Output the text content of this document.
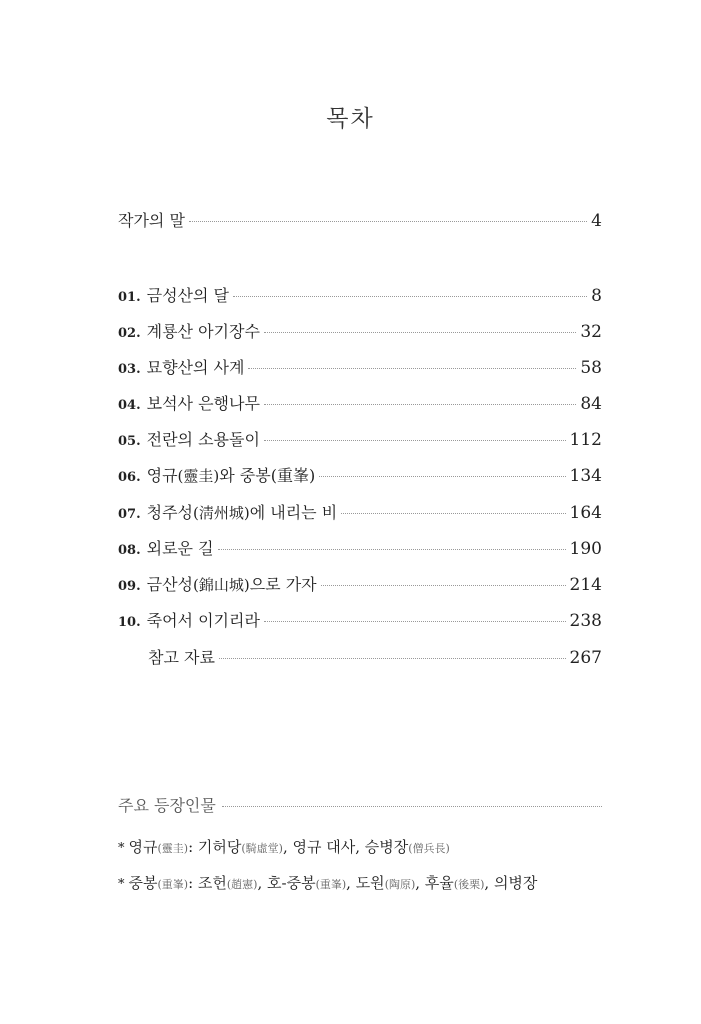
목차
작가의 말	4
01. 금성산의 달	8
02. 계룡산 아기장수	32
03. 묘향산의 사계	58
04. 보석사 은행나무	84
05. 전란의 소용돌이	112
06. 영규 (靈圭) 와 중봉(重峯)	134
07. 청주성 (淸州城) 에 내리는 비	164
08. 외로운 길	190
09. 금산성 (錦山城) 으로 가자	214
10. 죽어서 이기리라	238
참고 자료	267
주요 등장인물
* 영규(靈圭): 기허당(騎虛堂), 영규 대사, 승병장(僧兵長)
* 중봉(重峯): 조헌(趙憲), 호-중봉(重峯), 도원(陶原), 후율(後栗), 의병장
